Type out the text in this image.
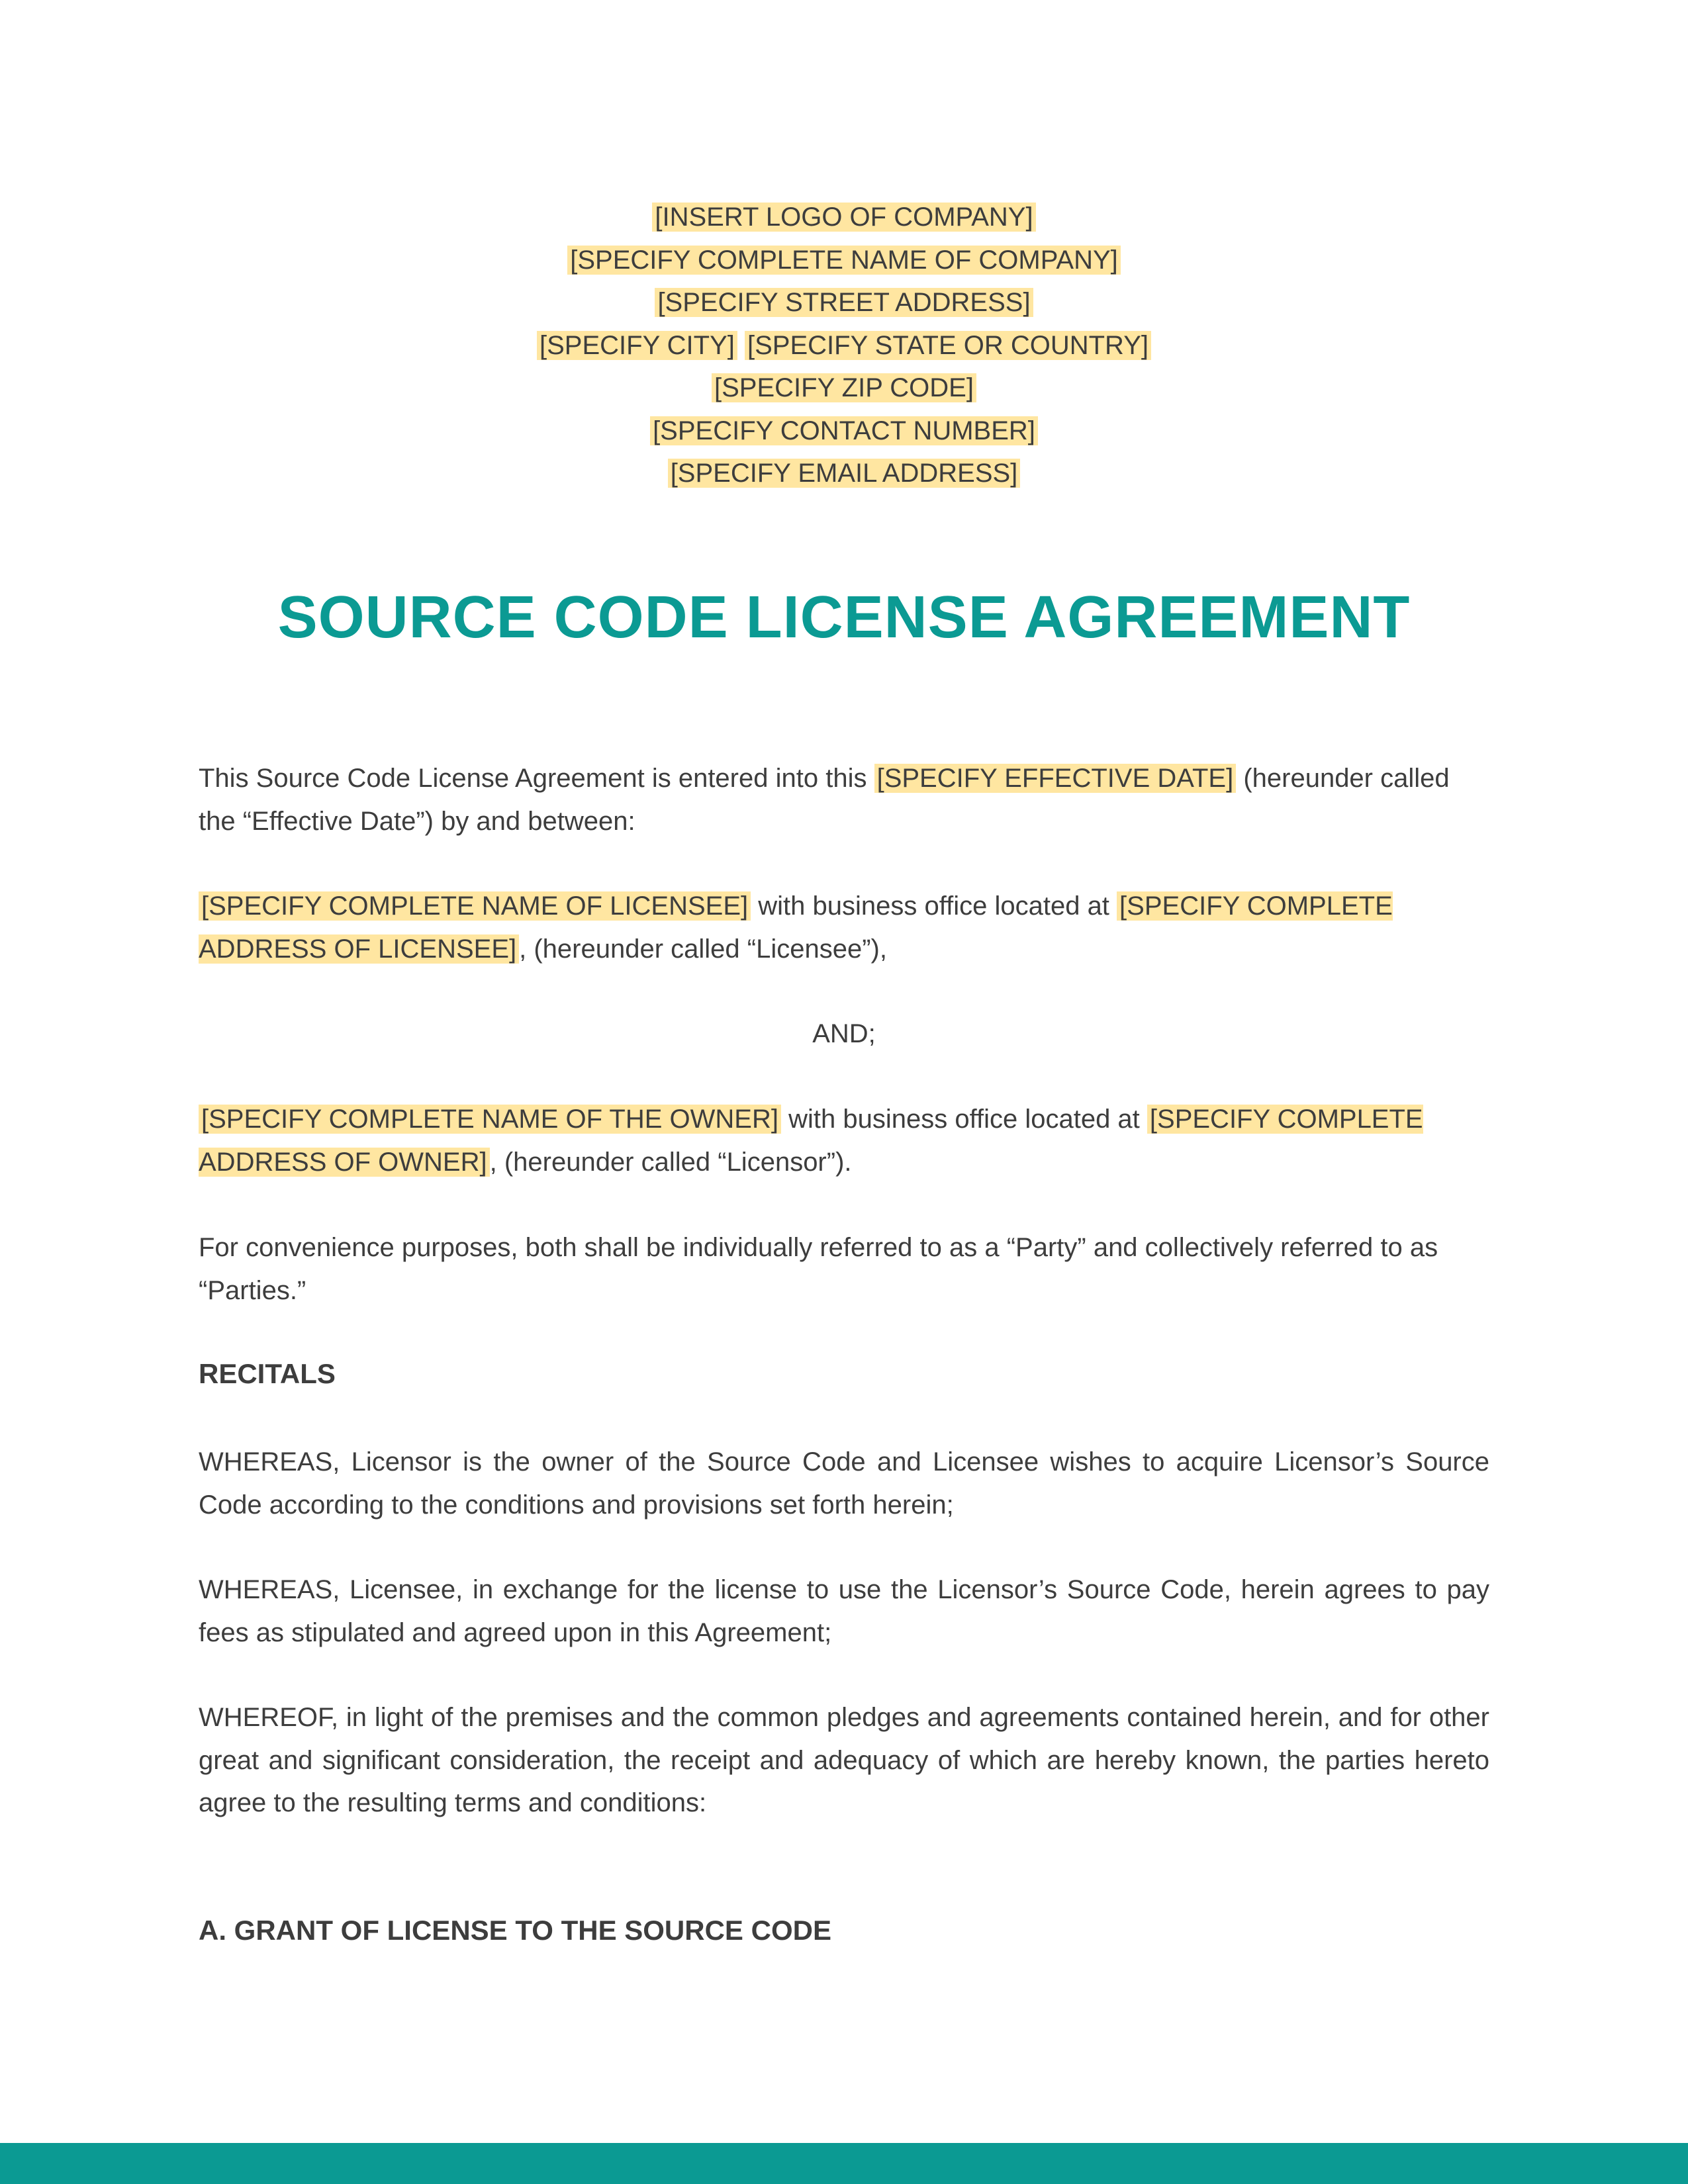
[INSERT LOGO OF COMPANY]
[SPECIFY COMPLETE NAME OF COMPANY]
[SPECIFY STREET ADDRESS]
[SPECIFY CITY] [SPECIFY STATE OR COUNTRY]
[SPECIFY ZIP CODE]
[SPECIFY CONTACT NUMBER]
[SPECIFY EMAIL ADDRESS]
SOURCE CODE LICENSE AGREEMENT

This Source Code License Agreement is entered into this [SPECIFY EFFECTIVE DATE] (hereunder called the “Effective Date”) by and between:

[SPECIFY COMPLETE NAME OF LICENSEE] with business office located at [SPECIFY COMPLETE ADDRESS OF LICENSEE] , (hereunder called “Licensee”),

AND;

[SPECIFY COMPLETE NAME OF THE OWNER] with business office located at [SPECIFY COMPLETE ADDRESS OF OWNER] , (hereunder called “Licensor”).

For convenience purposes, both shall be individually referred to as a “Party” and collectively referred to as “Parties.”

RECITALS

WHEREAS, Licensor is the owner of the Source Code and Licensee wishes to acquire Licensor’s Source Code according to the conditions and provisions set forth herein;

WHEREAS, Licensee, in exchange for the license to use the Licensor’s Source Code, herein agrees to pay fees as stipulated and agreed upon in this Agreement;

WHEREOF, in light of the premises and the common pledges and agreements contained herein, and for other great and significant consideration, the receipt and adequacy of which are hereby known, the parties hereto agree to the resulting terms and conditions:

A. GRANT OF LICENSE TO THE SOURCE CODE
